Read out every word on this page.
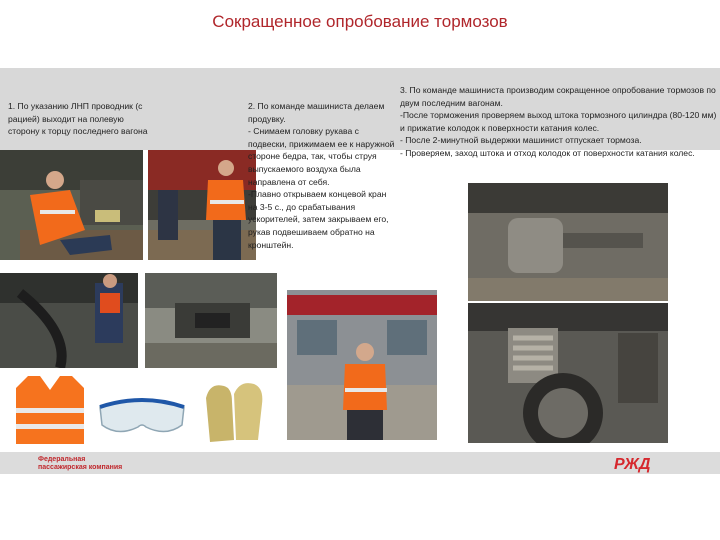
Сокращенное опробование тормозов
1. По указанию ЛНП проводник (с рацией) выходит на полевую сторону к торцу последнего вагона
2. По команде машиниста делаем продувку.
- Снимаем головку рукава с подвески, прижимаем ее к наружной стороне бедра, так, чтобы струя выпускаемого воздуха была направлена от себя.
-Плавно открываем концевой кран на 3-5 с., до срабатывания ускорителей, затем закрываем его, рукав подвешиваем обратно на кронштейн.
3. По команде машиниста производим сокращенное опробование тормозов по двум последним вагонам.
-После торможения проверяем выход штока тормозного цилиндра (80-120 мм) и прижатие колодок к поверхности катания колес.
- После 2-минутной выдержки машинист отпускает тормоза.
- Проверяем, заход штока и отход колодок от поверхности катания колес.
Федеральная
пассажирская компания	РЖД
